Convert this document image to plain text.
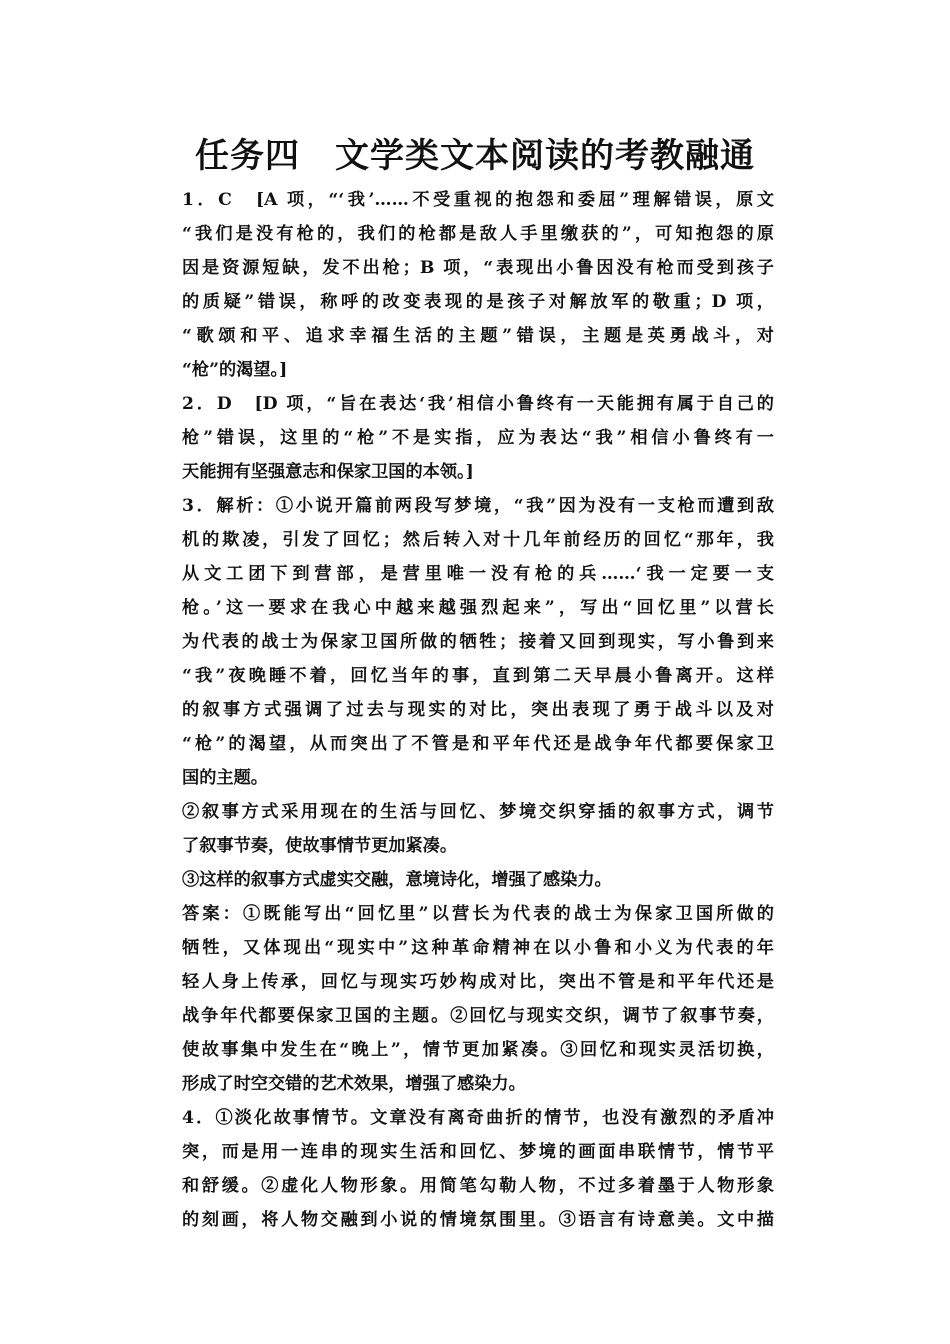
任务四　文学类文本阅读的考教融通
1．C　[A 项，“‘我’……不受重视的抱怨和委屈”理解错误，原文
“我们是没有枪的，我们的枪都是敌人手里缴获的”，可知抱怨的原
因是资源短缺，发不出枪；B 项，“表现出小鲁因没有枪而受到孩子
的质疑”错误，称呼的改变表现的是孩子对解放军的敬重；D 项，
“歌颂和平、追求幸福生活的主题”错误，主题是英勇战斗，对
“枪”的渴望。]
2．D　[D 项，“旨在表达‘我’相信小鲁终有一天能拥有属于自己的
枪”错误，这里的“枪”不是实指，应为表达“我”相信小鲁终有一
天能拥有坚强意志和保家卫国的本领。]
3．解析：①小说开篇前两段写梦境，“我”因为没有一支枪而遭到敌
机的欺凌，引发了回忆；然后转入对十几年前经历的回忆“那年，我
从文工团下到营部，是营里唯一没有枪的兵……‘我一定要一支
枪。’这一要求在我心中越来越强烈起来”，写出“回忆里”以营长
为代表的战士为保家卫国所做的牺牲；接着又回到现实，写小鲁到来
“我”夜晚睡不着，回忆当年的事，直到第二天早晨小鲁离开。这样
的叙事方式强调了过去与现实的对比，突出表现了勇于战斗以及对
“枪”的渴望，从而突出了不管是和平年代还是战争年代都要保家卫
国的主题。
②叙事方式采用现在的生活与回忆、梦境交织穿插的叙事方式，调节
了叙事节奏，使故事情节更加紧凑。
③这样的叙事方式虚实交融，意境诗化，增强了感染力。
答案：①既能写出“回忆里”以营长为代表的战士为保家卫国所做的
牺牲，又体现出“现实中”这种革命精神在以小鲁和小义为代表的年
轻人身上传承，回忆与现实巧妙构成对比，突出不管是和平年代还是
战争年代都要保家卫国的主题。②回忆与现实交织，调节了叙事节奏，
使故事集中发生在“晚上”，情节更加紧凑。③回忆和现实灵活切换，
形成了时空交错的艺术效果，增强了感染力。
4．①淡化故事情节。文章没有离奇曲折的情节，也没有激烈的矛盾冲
突，而是用一连串的现实生活和回忆、梦境的画面串联情节，情节平
和舒缓。②虚化人物形象。用简笔勾勒人物，不过多着墨于人物形象
的刻画，将人物交融到小说的情境氛围里。③语言有诗意美。文中描
